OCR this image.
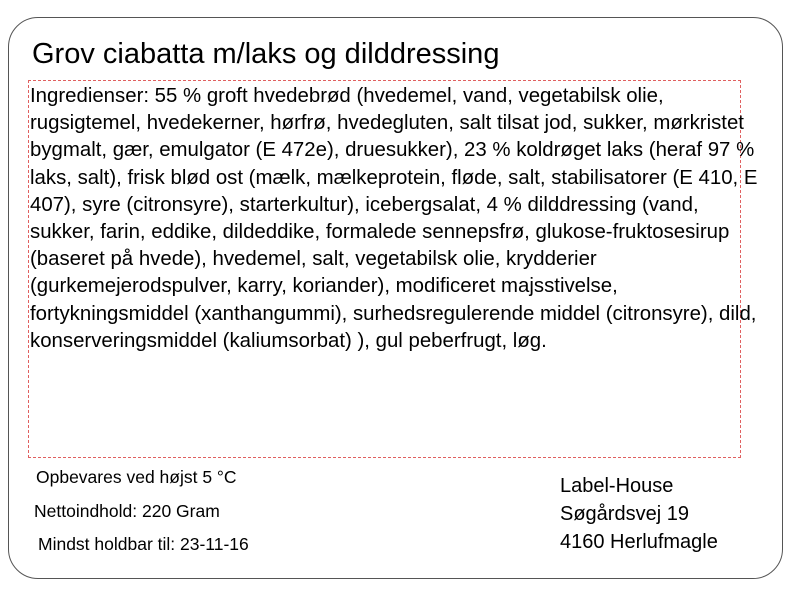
Grov ciabatta m/laks og dilddressing

Ingredienser: 55 % groft hvedebrød (hvedemel, vand, vegetabilsk olie, rugsigtemel, hvedekerner, hørfrø, hvedegluten, salt tilsat jod, sukker, mørkristet bygmalt, gær, emulgator (E 472e), druesukker), 23 % koldrøget laks (heraf 97 % laks, salt), frisk blød ost (mælk, mælkeprotein, fløde, salt, stabilisatorer (E 410, E 407), syre (citronsyre), starterkultur), icebergsalat, 4 % dilddressing (vand, sukker, farin, eddike, dildeddike, formalede sennepsfrø, glukose-fruktosesirup (baseret på hvede), hvedemel, salt, vegetabilsk olie, krydderier (gurkemejerodspulver, karry, koriander), modificeret majsstivelse, fortykningsmiddel (xanthangummi), surhedsregulerende middel (citronsyre), dild, konserveringsmiddel (kaliumsorbat) ), gul peberfrugt, løg.

Opbevares ved højst 5 °C
Nettoindhold: 220 Gram
Mindst holdbar til: 23-11-16
Label-House
Søgårdsvej 19
4160 Herlufmagle
